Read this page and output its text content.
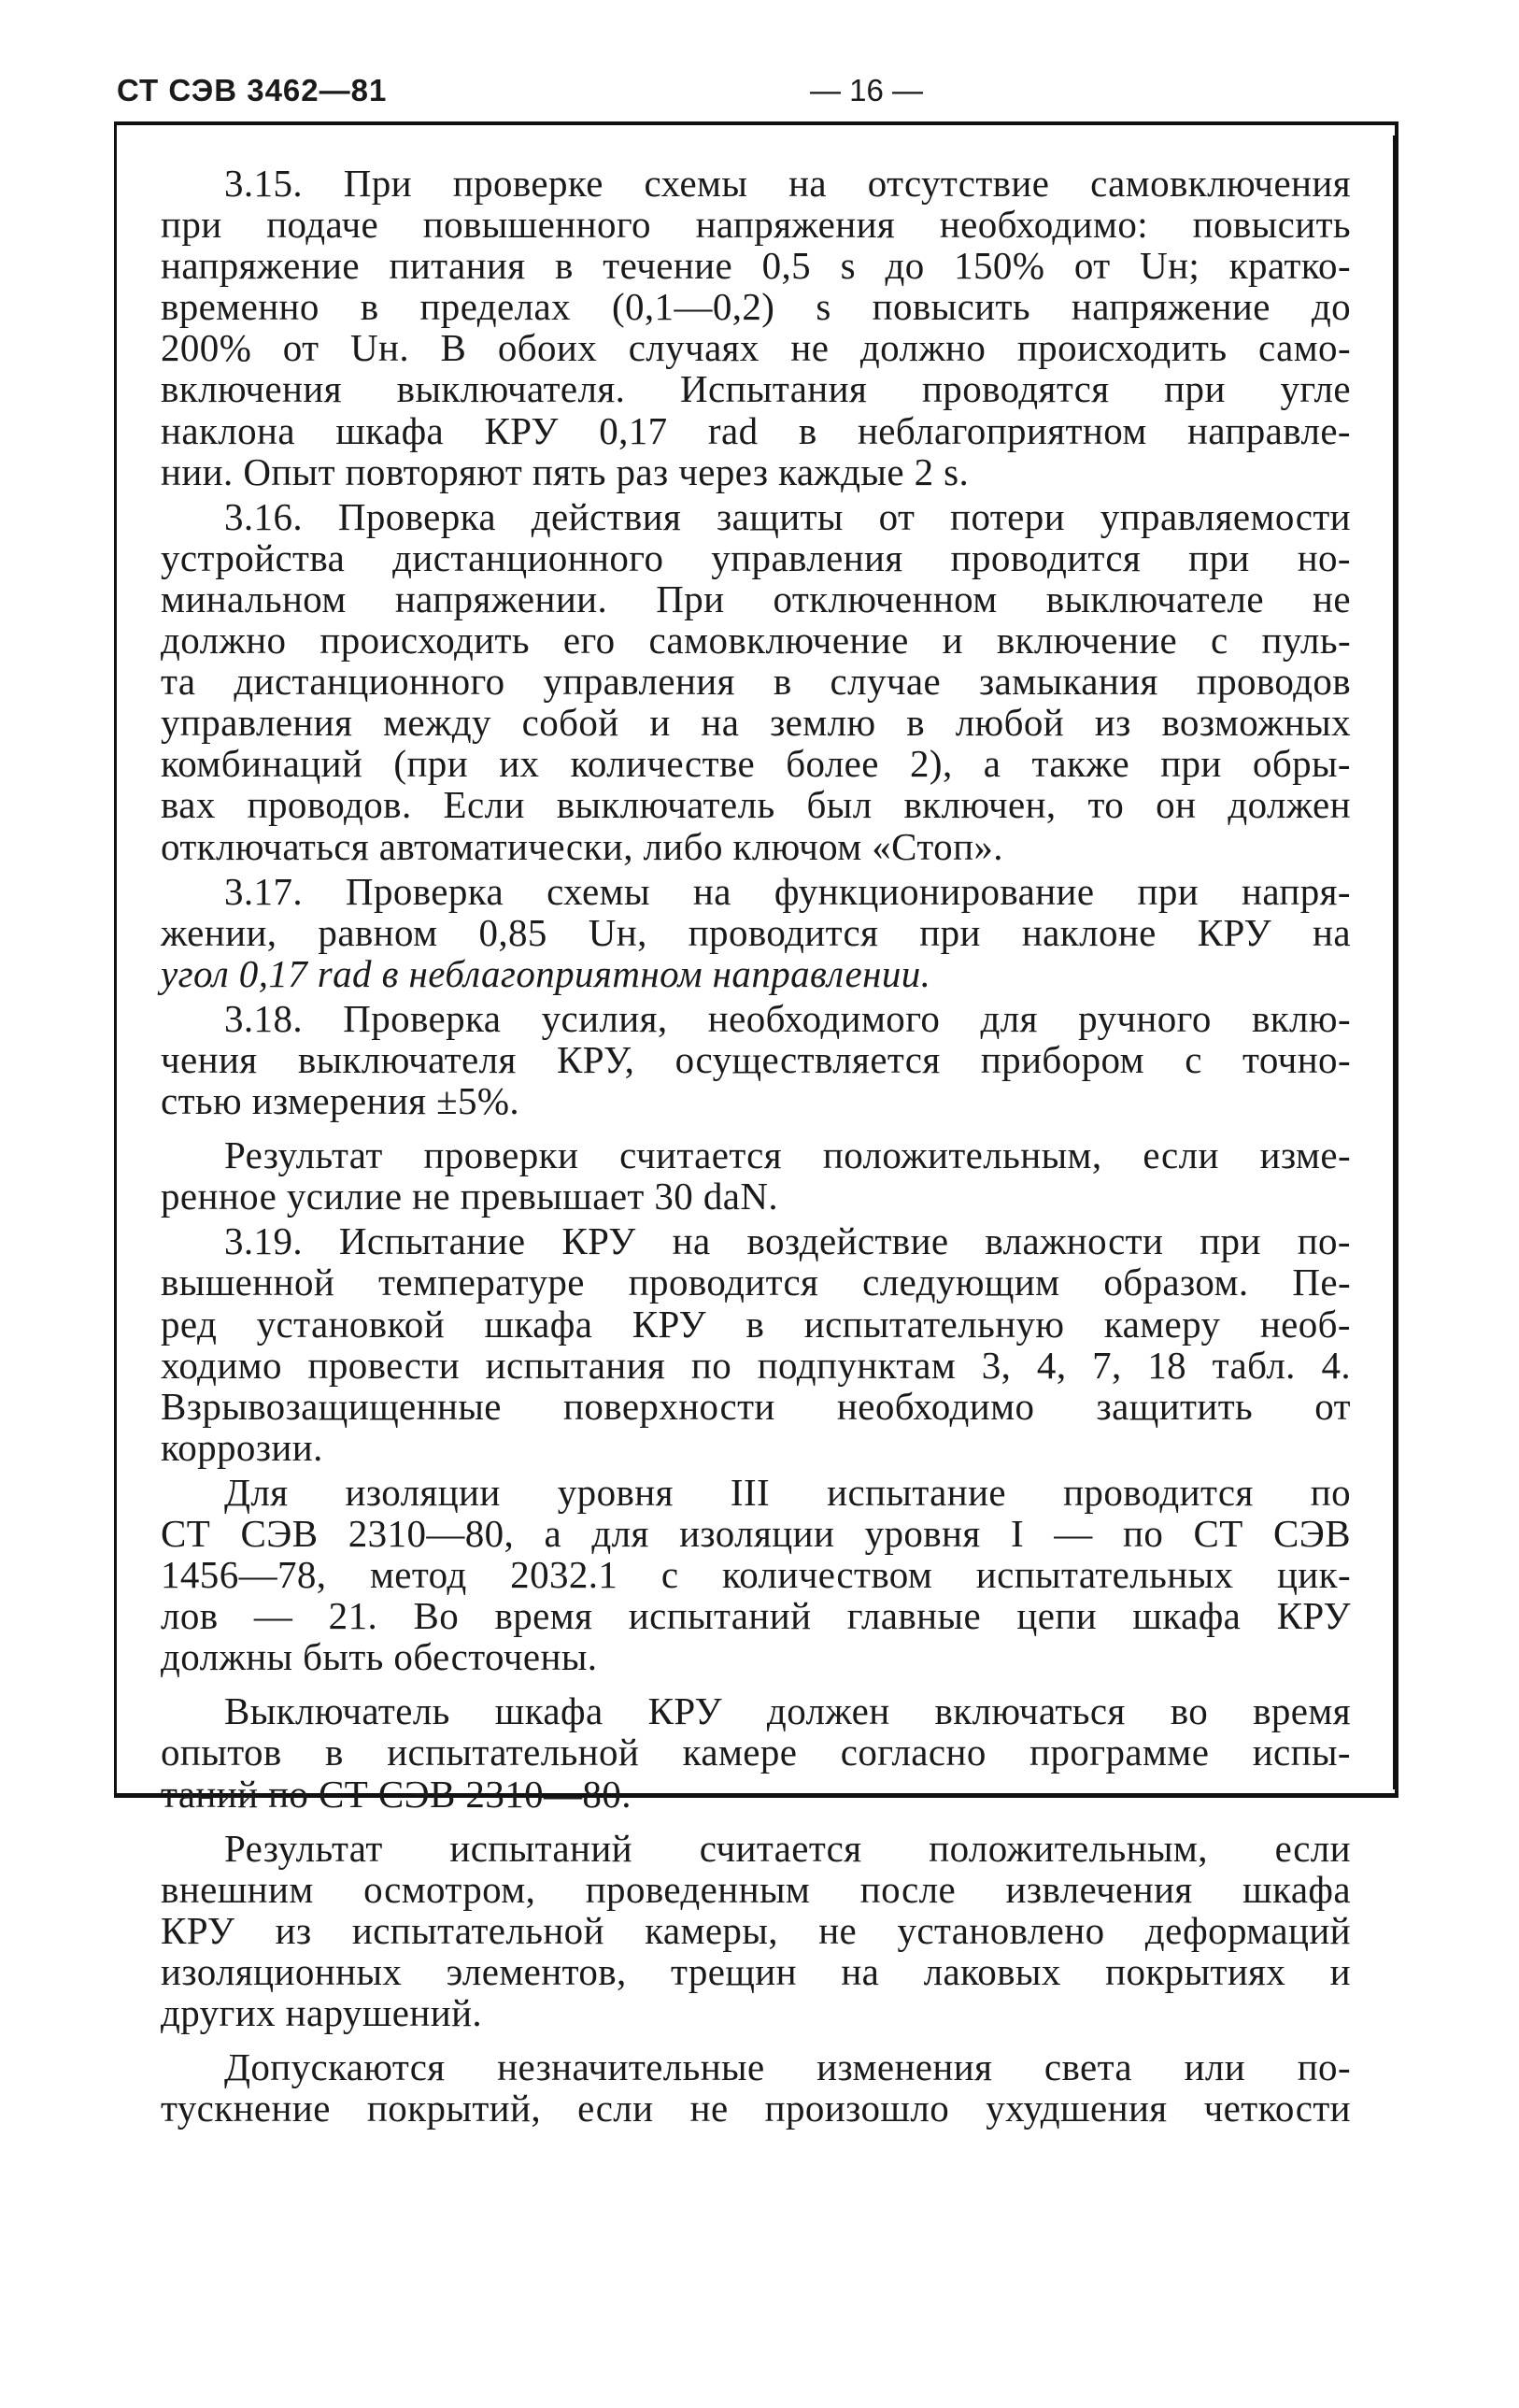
СТ СЭВ 3462—81	— 16 —
3.15. При проверке схемы на отсутствие самовключения
при подаче повышенного напряжения необходимо: повысить
напряжение питания в течение 0,5 s до 150% от Uн; кратко-
временно в пределах (0,1—0,2) s повысить напряжение до
200% от Uн. В обоих случаях не должно происходить само-
включения выключателя. Испытания проводятся при угле
наклона шкафа КРУ 0,17 rad в неблагоприятном направле-
нии. Опыт повторяют пять раз через каждые 2 s.
3.16. Проверка действия защиты от потери управляемости
устройства дистанционного управления проводится при но-
минальном напряжении. При отключенном выключателе не
должно происходить его самовключение и включение с пуль-
та дистанционного управления в случае замыкания проводов
управления между собой и на землю в любой из возможных
комбинаций (при их количестве более 2), а также при обры-
вах проводов. Если выключатель был включен, то он должен
отключаться автоматически, либо ключом «Стоп».
3.17. Проверка схемы на функционирование при напря-
жении, равном 0,85 Uн, проводится при наклоне КРУ на
угол 0,17 rad в неблагоприятном направлении.
3.18. Проверка усилия, необходимого для ручного вклю-
чения выключателя КРУ, осуществляется прибором с точно-
стью измерения ±5%.
Результат проверки считается положительным, если изме-
ренное усилие не превышает 30 daN.
3.19. Испытание КРУ на воздействие влажности при по-
вышенной температуре проводится следующим образом. Пе-
ред установкой шкафа КРУ в испытательную камеру необ-
ходимо провести испытания по подпунктам 3, 4, 7, 18 табл. 4.
Взрывозащищенные поверхности необходимо защитить от
коррозии.
Для изоляции уровня III испытание проводится по
СТ СЭВ 2310—80, а для изоляции уровня I — по СТ СЭВ
1456—78, метод 2032.1 с количеством испытательных цик-
лов — 21. Во время испытаний главные цепи шкафа КРУ
должны быть обесточены.
Выключатель шкафа КРУ должен включаться во время
опытов в испытательной камере согласно программе испы-
таний по СТ СЭВ 2310—80.
Результат испытаний считается положительным, если
внешним осмотром, проведенным после извлечения шкафа
КРУ из испытательной камеры, не установлено деформаций
изоляционных элементов, трещин на лаковых покрытиях и
других нарушений.
Допускаются незначительные изменения света или по-
тускнение покрытий, если не произошло ухудшения четкости
